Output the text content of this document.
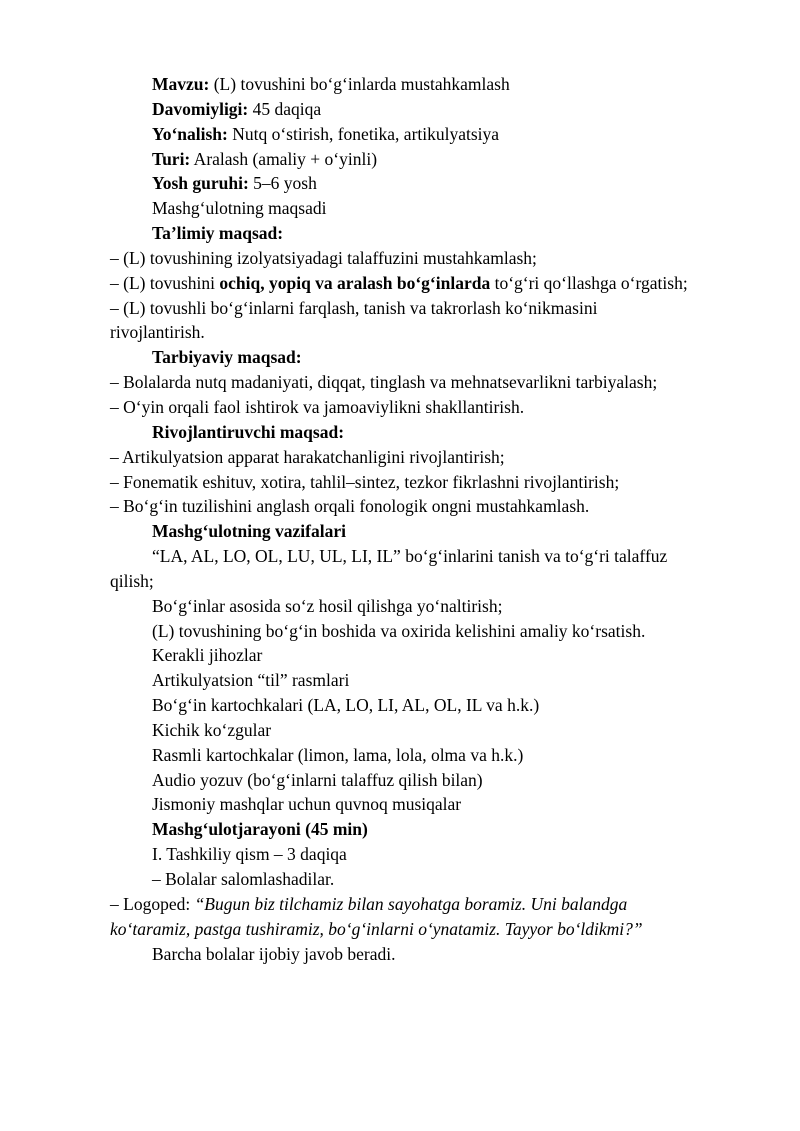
Mavzu: (L) tovushini bo‘g‘inlarda mustahkamlash
Davomiyligi: 45 daqiqa
Yo‘nalish: Nutq o‘stirish, fonetika, artikulyatsiya
Turi: Aralash (amaliy + o‘yinli)
Yosh guruhi: 5–6 yosh
Mashg‘ulotning maqsadi
Ta’limiy maqsad:
– (L) tovushining izolyatsiyadagi talaffuzini mustahkamlash;
– (L) tovushini ochiq, yopiq va aralash bo‘g‘inlarda to‘g‘ri qo‘llashga o‘rgatish;
– (L) tovushli bo‘g‘inlarni farqlash, tanish va takrorlash ko‘nikmasini
rivojlantirish.
Tarbiyaviy maqsad:
– Bolalarda nutq madaniyati, diqqat, tinglash va mehnatsevarlikni tarbiyalash;
– O‘yin orqali faol ishtirok va jamoaviylikni shakllantirish.
Rivojlantiruvchi maqsad:
– Artikulyatsion apparat harakatchanligini rivojlantirish;
– Fonematik eshituv, xotira, tahlil–sintez, tezkor fikrlashni rivojlantirish;
– Bo‘g‘in tuzilishini anglash orqali fonologik ongni mustahkamlash.
Mashg‘ulotning vazifalari
“LA, AL, LO, OL, LU, UL, LI, IL” bo‘g‘inlarini tanish va to‘g‘ri talaffuz
qilish;
Bo‘g‘inlar asosida so‘z hosil qilishga yo‘naltirish;
(L) tovushining bo‘g‘in boshida va oxirida kelishini amaliy ko‘rsatish.
Kerakli jihozlar
Artikulyatsion “til” rasmlari
Bo‘g‘in kartochkalari (LA, LO, LI, AL, OL, IL va h.k.)
Kichik ko‘zgular
Rasmli kartochkalar (limon, lama, lola, olma va h.k.)
Audio yozuv (bo‘g‘inlarni talaffuz qilish bilan)
Jismoniy mashqlar uchun quvnoq musiqalar
Mashg‘ulotjarayoni (45 min)
I. Tashkiliy qism – 3 daqiqa
– Bolalar salomlashadilar.
– Logoped: “Bugun biz tilchamiz bilan sayohatga boramiz. Uni balandga
ko‘taramiz, pastga tushiramiz, bo‘g‘inlarni o‘ynatamiz. Tayyor bo‘ldikmi?”
Barcha bolalar ijobiy javob beradi.
